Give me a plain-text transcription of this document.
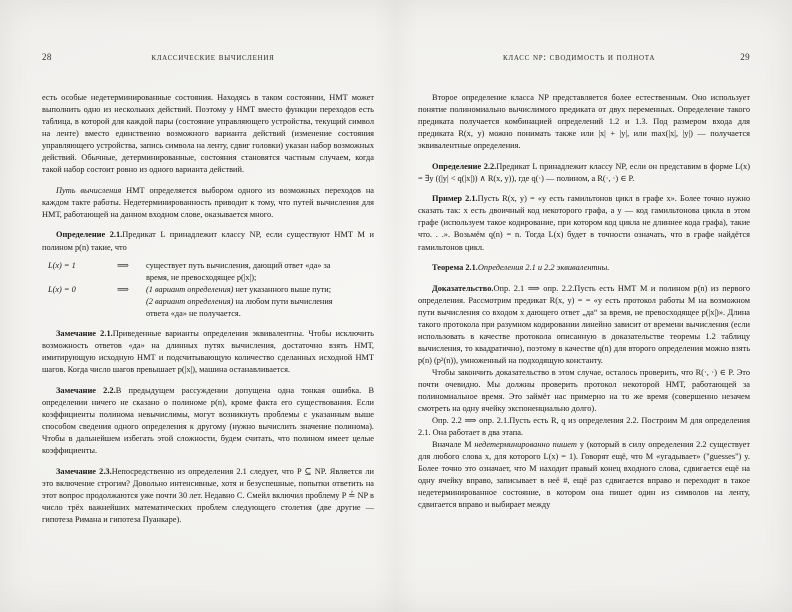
28	классические вычисления

есть особые недетерминированные состояния. Находясь в таком состоянии, НМТ может выполнить одно из нескольких действий. Поэтому у НМТ вместо функции переходов есть таблица, в которой для каждой пары (состояние управляющего устройства, текущий символ на ленте) вместо единственно возможного варианта действий (изменение состояния управляющего устройства, запись символа на ленту, сдвиг головки) указан набор возможных действий. Обычные, детерминированные, состояния становятся частным случаем, когда такой набор состоит ровно из одного варианта действий.

Путь вычисления НМТ определяется выбором одного из возможных переходов на каждом такте работы. Недетерминированность приводит к тому, что путей вычисления для НМТ, работающей на данном входном слове, оказывается много.

Определение 2.1.Предикат L принадлежит классу NP, если существуют НМТ M и полином p(n) такие, что

L(x) = 1	⟹	существует путь вычисления, дающий ответ «да» за
время, не превосходящее p(|x|);
L(x) = 0	⟹	(1 вариант определения) нет указанного выше пути;
(2 вариант определения) на любом пути вычисления
ответа «да» не получается.

Замечание 2.1.Приведенные варианты определения эквивалентны. Чтобы исключить возможность ответов «да» на длинных путях вычисления, достаточно взять НМТ, имитирующую исходную НМТ и подсчитывающую количество сделанных исходной НМТ шагов. Когда число шагов превышает p(|x|), машина останавливается.

Замечание 2.2.В предыдущем рассуждении допущена одна тонкая ошибка. В определении ничего не сказано о полиноме p(n), кроме факта его существования. Если коэффициенты полинома невычислимы, могут возникнуть проблемы с указанным выше способом сведения одного определения к другому (нужно вычислить значение полинома). Чтобы в дальнейшем избегать этой сложности, будем считать, что полином имеет целые коэффициенты.

Замечание 2.3.Непосредственно из определения 2.1 следует, что P ⊆ NP. Является ли это включение строгим? Довольно интенсивные, хотя и безуспешные, попытки ответить на этот вопрос продолжаются уже почти 30 лет. Недавно С. Смейл включил проблему P ≟ NP в число трёх важнейших математических проблем следующего столетия (две другие — гипотеза Римана и гипотеза Пуанкаре).

класс np: сводимость и полнота	29

Второе определение класса NP представляется более естественным. Оно использует понятие полиномиально вычислимого предиката от двух переменных. Определение такого предиката получается комбинацией определений 1.2 и 1.3. Под размером входа для предиката R(x, y) можно понимать также или |x| + |y|, или max(|x|, |y|) — получается эквивалентные определения.

Определение 2.2.Предикат L принадлежит классу NP, если он представим в форме L(x) = ∃y ((|y| < q(|x|)) ∧ R(x, y)), где q(·) — полином, а R(·, ·) ∈ P.

Пример 2.1.Пусть R(x, y) = «y есть гамильтонов цикл в графе x». Более точно нужно сказать так: x есть двоичный код некоторого графа, а y — код гамильтонова цикла в этом графе (используем такое кодирование, при котором код цикла не длиннее кода графа), такие что. . .». Возьмём q(n) = n. Тогда L(x) будет в точности означать, что в графе найдётся гамильтонов цикл.

Теорема 2.1.Определения 2.1 и 2.2 эквивалентны.

Доказательство.Опр. 2.1 ⟹ опр. 2.2.Пусть есть НМТ M и полином p(n) из первого определения. Рассмотрим предикат R(x, y) = = «y есть протокол работы M на возможном пути вычисления со входом x дающего ответ „да“ за время, не превосходящее p(|x|)». Длина такого протокола при разумном кодировании линейно зависит от времени вычисления (если использовать в качестве протокола описанную в доказательстве теоремы 1.2 таблицу вычисления, то квадратично), поэтому в качестве q(n) для второго определения можно взять p(n) (p²(n)), умноженный на подходящую константу.

Чтобы закончить доказательство в этом случае, осталось проверить, что R(·, ·) ∈ P. Это почти очевидно. Мы должны проверить протокол некоторой НМТ, работающей за полиномиальное время. Это займёт нас примерно на то же время (совершенно незачем смотреть на одну ячейку экспоненциально долго).

Опр. 2.2 ⟹ опр. 2.1.Пусть есть R, q из определения 2.2. Построим M для определения 2.1. Она работает в два этапа.

Вначале M недетерминированно пишет y (который в силу определения 2.2 существует для любого слова x, для которого L(x) = 1). Говорят ещё, что M «угадывает» ("guesses") y. Более точно это означает, что M находит правый конец входного слова, сдвигается ещё на одну ячейку вправо, записывает в неё #, ещё раз сдвигается вправо и переходит в такое недетерминированное состояние, в котором она пишет один из символов на ленту, сдвигается вправо и выбирает между
